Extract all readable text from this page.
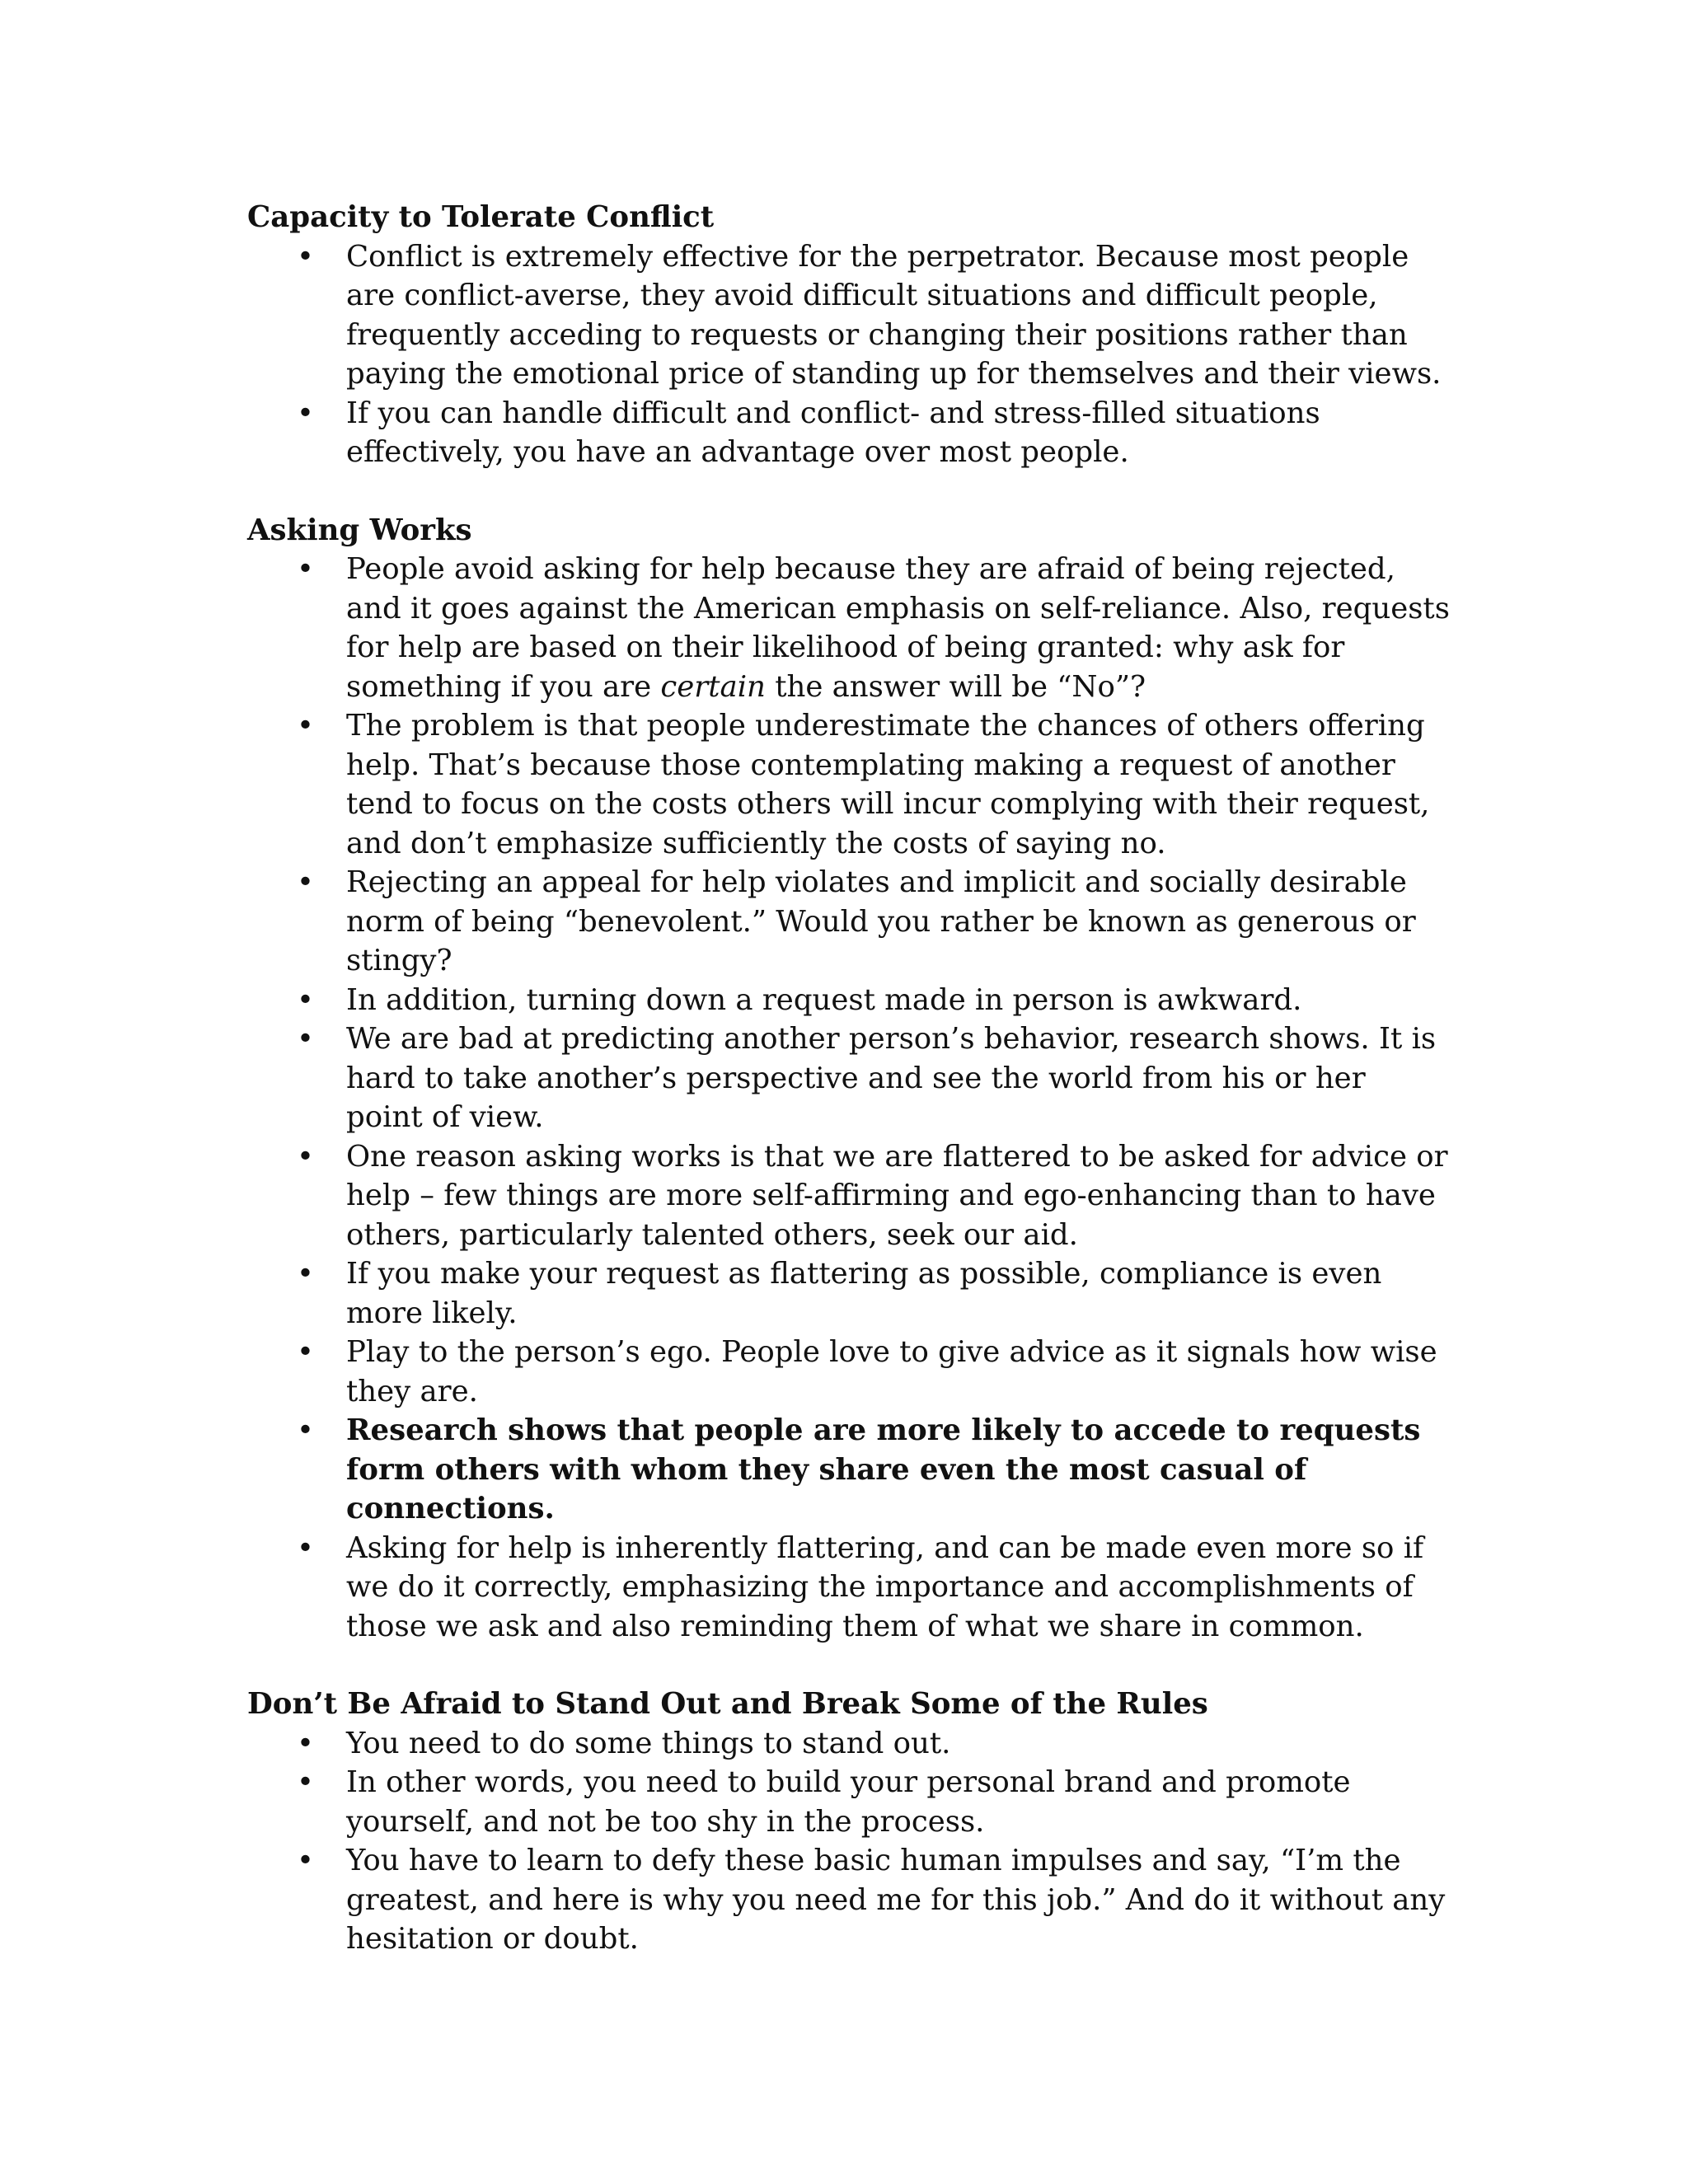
Capacity to Tolerate Conflict

• Conflict is extremely effective for the perpetrator. Because most people are conflict-averse, they avoid difficult situations and difficult people, frequently acceding to requests or changing their positions rather than paying the emotional price of standing up for themselves and their views.
• If you can handle difficult and conflict- and stress-filled situations effectively, you have an advantage over most people.

Asking Works

• People avoid asking for help because they are afraid of being rejected, and it goes against the American emphasis on self-reliance. Also, requests for help are based on their likelihood of being granted: why ask for something if you are certain the answer will be “No”?
• The problem is that people underestimate the chances of others offering help. That’s because those contemplating making a request of another tend to focus on the costs others will incur complying with their request, and don’t emphasize sufficiently the costs of saying no.
• Rejecting an appeal for help violates and implicit and socially desirable norm of being “benevolent.” Would you rather be known as generous or stingy?
• In addition, turning down a request made in person is awkward.
• We are bad at predicting another person’s behavior, research shows. It is hard to take another’s perspective and see the world from his or her point of view.
• One reason asking works is that we are flattered to be asked for advice or help – few things are more self-affirming and ego-enhancing than to have others, particularly talented others, seek our aid.
• If you make your request as flattering as possible, compliance is even more likely.
• Play to the person’s ego. People love to give advice as it signals how wise they are.
• Research shows that people are more likely to accede to requests form others with whom they share even the most casual of connections.
• Asking for help is inherently flattering, and can be made even more so if we do it correctly, emphasizing the importance and accomplishments of those we ask and also reminding them of what we share in common.

Don’t Be Afraid to Stand Out and Break Some of the Rules

• You need to do some things to stand out.
• In other words, you need to build your personal brand and promote yourself, and not be too shy in the process.
• You have to learn to defy these basic human impulses and say, “I’m the greatest, and here is why you need me for this job.” And do it without any hesitation or doubt.
